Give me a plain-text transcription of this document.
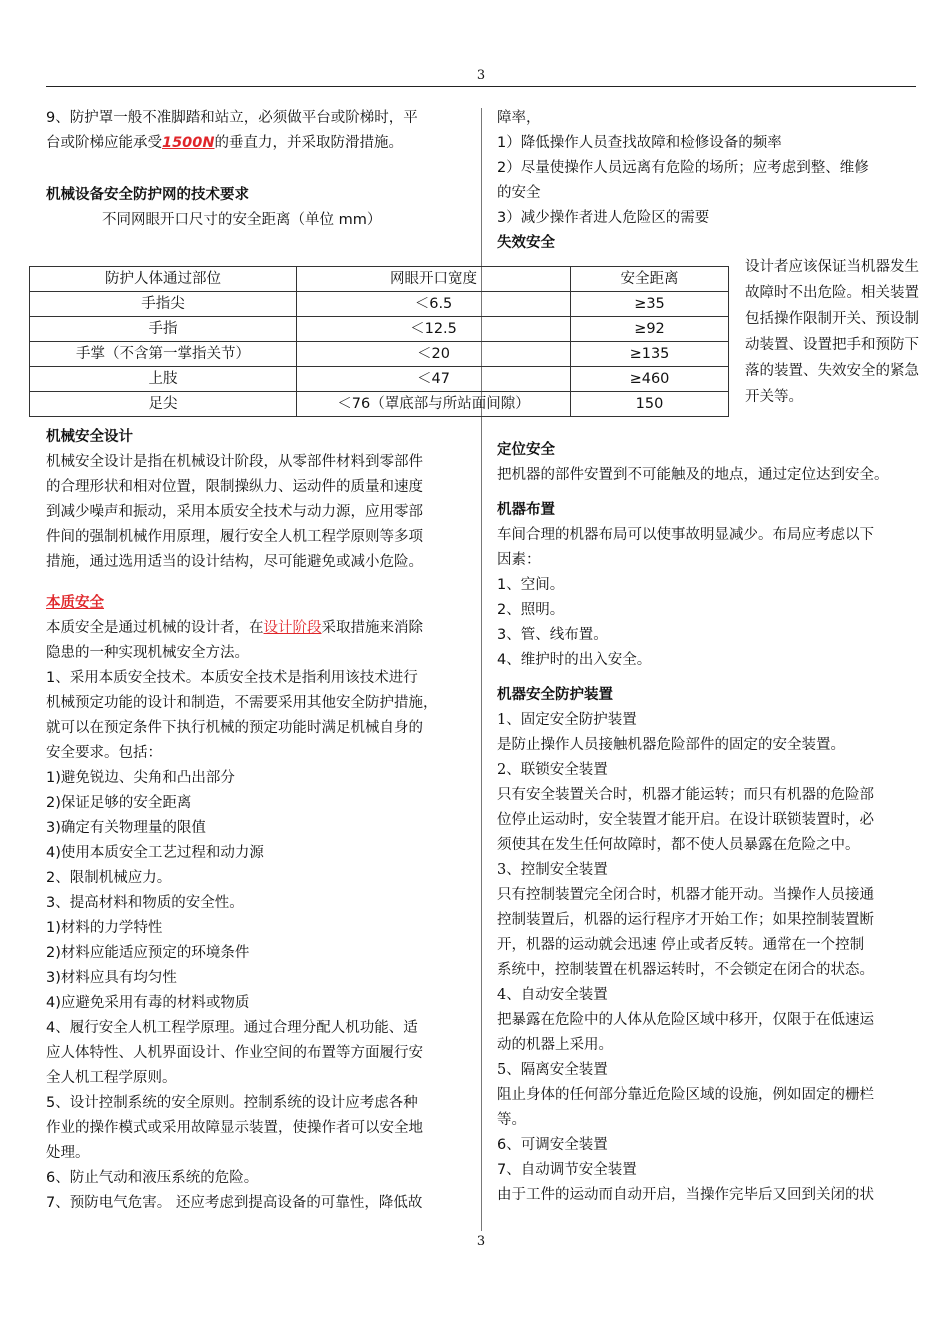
3

9、防护罩一般不准脚踏和站立，必须做平台或阶梯时，平

台或阶梯应能承受1500N的垂直力，并采取防滑措施。

机械设备安全防护网的技术要求

不同网眼开口尺寸的安全距离（单位 mm）

防护人体通过部位	网眼开口宽度	安全距离
手指尖	＜6.5	≥35
手指	＜12.5	≥92
手掌（不含第一掌指关节）	＜20	≥135
上肢	＜47	≥460
足尖	＜76（罩底部与所站面间隙）	150

机械安全设计

机械安全设计是指在机械设计阶段，从零部件材料到零部件

的合理形状和相对位置，限制操纵力、运动件的质量和速度

到减少噪声和振动，采用本质安全技术与动力源，应用零部

件间的强制机械作用原理，履行安全人机工程学原则等多项

措施，通过选用适当的设计结构，尽可能避免或减小危险。

本质安全

本质安全是通过机械的设计者，在设计阶段采取措施来消除

隐患的一种实现机械安全方法。

1、采用本质安全技术。本质安全技术是指利用该技术进行

机械预定功能的设计和制造，不需要采用其他安全防护措施，

就可以在预定条件下执行机械的预定功能时满足机械自身的

安全要求。包括：

1)避免锐边、尖角和凸出部分

2)保证足够的安全距离

3)确定有关物理量的限值

4)使用本质安全工艺过程和动力源

2、限制机械应力。

3、提高材料和物质的安全性。

1)材料的力学特性

2)材料应能适应预定的环境条件

3)材料应具有均匀性

4)应避免采用有毒的材料或物质

4、履行安全人机工程学原理。通过合理分配人机功能、适

应人体特性、人机界面设计、作业空间的布置等方面履行安

全人机工程学原则。

5、设计控制系统的安全原则。控制系统的设计应考虑各种

作业的操作模式或采用故障显示装置，使操作者可以安全地

处理。

6、防止气动和液压系统的危险。

7、预防电气危害。 还应考虑到提高设备的可靠性，降低故

障率，

1）降低操作人员查找故障和检修设备的频率

2）尽量使操作人员远离有危险的场所；应考虑到整、维修

的安全

3）减少操作者进人危险区的需要

失效安全

设计者应该保证当机器发生故障时不出危险。相关装置包括操作限制开关、预设制动装置、设置把手和预防下落的装置、失效安全的紧急开关等。

定位安全

把机器的部件安置到不可能触及的地点，通过定位达到安全。

机器布置

车间合理的机器布局可以使事故明显减少。布局应考虑以下

因素：

1、空间。

2、照明。

3、管、线布置。

4、维护时的出入安全。

机器安全防护装置

1、固定安全防护装置

是防止操作人员接触机器危险部件的固定的安全装置。

2、联锁安全装置

只有安全装置关合时，机器才能运转；而只有机器的危险部

位停止运动时，安全装置才能开启。在设计联锁装置时，必

须使其在发生任何故障时，都不使人员暴露在危险之中。

3、控制安全装置

只有控制装置完全闭合时，机器才能开动。当操作人员接通

控制装置后，机器的运行程序才开始工作；如果控制装置断

开，机器的运动就会迅速 停止或者反转。通常在一个控制

系统中，控制装置在机器运转时，不会锁定在闭合的状态。

4、自动安全装置

把暴露在危险中的人体从危险区域中移开，仅限于在低速运

动的机器上采用。

5、隔离安全装置

阻止身体的任何部分靠近危险区域的设施，例如固定的栅栏

等。

6、可调安全装置

7、自动调节安全装置

由于工件的运动而自动开启，当操作完毕后又回到关闭的状

3
